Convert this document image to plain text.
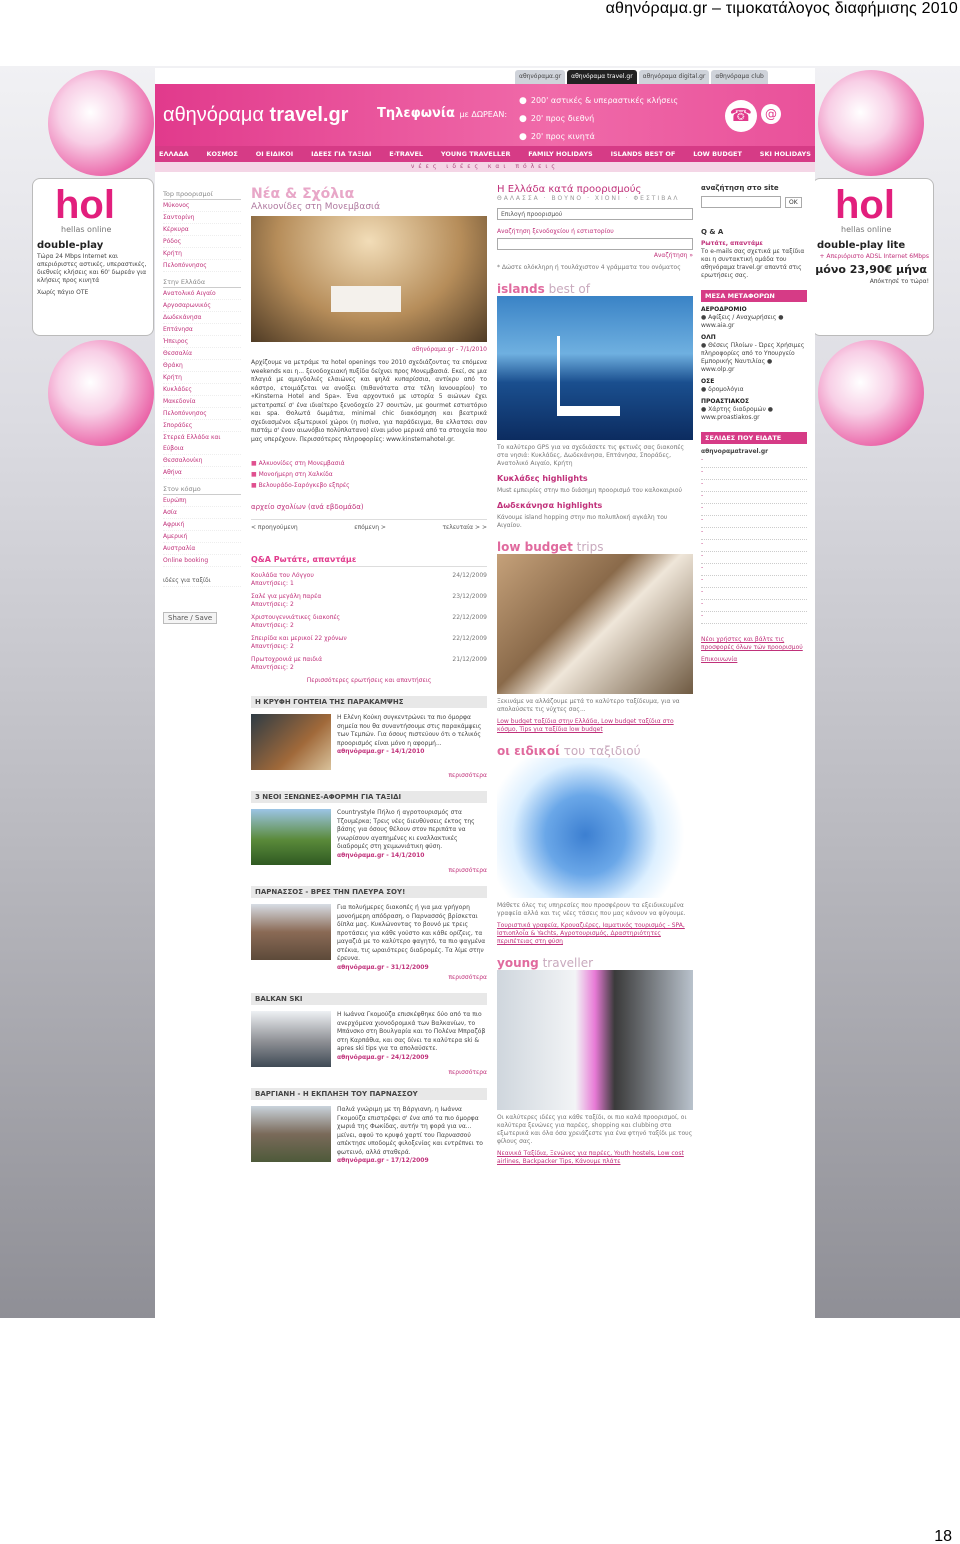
αθηνόραμα.gr – τιμοκατάλογος διαφήμισης 2010
hol
hellas online
double-play
Τώρα 24 Mbps Internet και απεριόριστες αστικές, υπεραστικές, διεθνείς κλήσεις και 60' δωρεάν για κλήσεις προς κινητά
Χωρίς πάγιο ΟΤΕ
hol
hellas online
double-play lite
+ Απεριόριστο ADSL Internet 6Mbps
μόνο 23,90€ μήνα
Απόκτησέ το τώρα!
αθηνόραμα.gr	αθηνόραμα travel.gr	αθηνόραμα digital.gr	αθηνόραμα club
αθηνόραμα travel.gr Τηλεφωνία με ΔΩΡΕΑΝ:
● 200' αστικές & υπεραστικές κλήσεις
● 20' προς διεθνή
● 20' προς κινητά
☎	@
ΕΛΛΑΔΑ	ΚΟΣΜΟΣ	ΟΙ ΕΙΔΙΚΟΙ	ΙΔΕΕΣ ΓΙΑ ΤΑΞΙΔΙ	E-TRAVEL	YOUNG TRAVELLER	FAMILY HOLIDAYS	ISLANDS BEST OF	LOW BUDGET	SKI HOLIDAYS
νέες ιδέες και πόλεις
Top προορισμοί
Μύκονος
Σαντορίνη
Κέρκυρα
Ρόδος
Κρήτη
Πελοπόννησος
Στην Ελλάδα
Ανατολικό Αιγαίο
Αργοσαρωνικός
Δωδεκάνησα
Επτάνησα
Ήπειρος
Θεσσαλία
Θράκη
Κρήτη
Κυκλάδες
Μακεδονία
Πελοπόννησος
Σποράδες
Στερεά Ελλάδα και Εύβοια
Θεσσαλονίκη
Αθήνα
Στον κόσμο
Ευρώπη
Ασία
Αφρική
Αμερική
Αυστραλία
Online booking
ιδέες για ταξίδι
Share / Save
Νέα & Σχόλια
Αλκυονίδες στη Μονεμβασιά
αθηνόραμα.gr - 7/1/2010
Αρχίζουμε να μετράμε τα hotel openings του 2010 σχεδιάζοντας τα επόμενα weekends και η... ξενοδοχειακή πυξίδα δείχνει προς Μονεμβασιά. Εκεί, σε μια πλαγιά με αμυγδαλιές ελαιώνες και ψηλά κυπαρίσσια, αντίκρυ από το κάστρο, ετοιμάζεται να ανοίξει (πιθανότατα στα τέλη Ιανουαρίου) το «Kinsterna Hotel and Spa». Ένα αρχοντικό με ιστορία 5 αιώνων έχει μετατραπεί σ' ένα ιδιαίτερο ξενοδοχείο 27 σουιτών, με gourmet εστιατόριο και spa. Θολωτά δωμάτια, minimal chic διακόσμηση και βεατρικά σχεδιασμένοι εξωτερικοί χώροι (η πισίνα, για παράδειγμα, θα ελλατσει σαν πιστάμ σ' έναν αιωνόβιο πολύπλατανο) είναι μόνο μερικά από τα στοιχεία που μας υπερέχουν. Περισσότερες πληροφορίες: www.kinsternahotel.gr.
■ Αλκυονίδες στη Μονεμβασιά
■ Μονοήμερη στη Χαλκίδα
■ Βελουράδο-Σαρόγκεβο εξπρές
αρχείο σχολίων (ανά εβδομάδα)
< προηγούμενη	επόμενη >	τελευταία > >
Q&A Ρωτάτε, απαντάμε
Κουλάδα του Λόγγου
Απαντήσεις: 1
24/12/2009
Σαλέ για μεγάλη παρέα
Απαντήσεις: 2
23/12/2009
Χριστουγεννιάτικες διακοπές
Απαντήσεις: 2
22/12/2009
Σπειρίδα και μερικοί 22 χρόνων
Απαντήσεις: 2
22/12/2009
Πρωτοχρονιά με παιδιά
Απαντήσεις: 2
21/12/2009
Περισσότερες ερωτήσεις και απαντήσεις
Η ΚΡΥΦΗ ΓΟΗΤΕΙΑ ΤΗΣ ΠΑΡΑΚΑΜΨΗΣ
Η Ελένη Κούκη συγκεντρώνει τα πιο όμορφα σημεία που θα συναντήσουμε στις παρακάμψεις των Τεμπών. Για όσους πιστεύουν ότι ο τελικός προορισμός είναι μόνο η αφορμή...
αθηνόραμα.gr - 14/1/2010
περισσότερα
3 ΝΕΟΙ ΞΕΝΩΝΕΣ-ΑΦΟΡΜΗ ΓΙΑ ΤΑΞΙΔΙ
Countrystyle Πήλιο ή αγροτουρισμός στα Τζουμέρκα; Τρεις νέες διευθύνσεις έκτος της βάσης για όσους θέλουν στον περιπάτα να γνωρίσουν αγαπημένες κι εναλλακτικές διαδρομές στη χειμωνιάτικη φύση.
αθηνόραμα.gr - 14/1/2010
περισσότερα
ΠΑΡΝΑΣΣΟΣ - ΒΡΕΣ ΤΗΝ ΠΛΕΥΡΑ ΣΟΥ!
Για πολυήμερες διακοπές ή για μια γρήγορη μονοήμερη απόδραση, ο Παρνασσός βρίσκεται δίπλα μας. Κυκλώνοντας το βουνό με τρεις προτάσεις για κάθε γούστο και κάθε ορίζεις, τα μαγαζιά με το καλύτερο φαγητό, τα πιο ψαγμένα στέκια, τις ωραιότερες διαδρομές. Τα λίμε στην έρευνα.
αθηνόραμα.gr - 31/12/2009
περισσότερα
BALKAN SKI
Η Ιωάννα Γκομούζα επισκέφθηκε δύο από τα πιο ανερχόμενα χιονοδρομικά των Βαλκανίων, το Μπάνσκο στη Βουλγαρία και το Πολένα Μπραζόβ στη Καρπάθια, και σας δίνει τα καλύτερα ski & apres ski tips για τα απολαύσετε.
αθηνόραμα.gr - 24/12/2009
περισσότερα
ΒΑΡΓΙΑΝΗ - Η ΕΚΠΛΗΞΗ ΤΟΥ ΠΑΡΝΑΣΣΟΥ
Παλιά γνώριμη με τη Βάργιανη, η Ιωάννα Γκομούζα επιστρέφει σ' ένα από τα πιο όμορφα χωριά της Φωκίδας, αυτήν τη φορά για να... μείνει, αφού το κρυφό χαρτί του Παρνασσού απέκτησε υποδομές φιλοξενίας και εντρέπνει το φωτεινό, αλλά σταθερά.
αθηνόραμα.gr - 17/12/2009
Η Ελλάδα κατά προορισμούς
ΘΑΛΑΣΣΑ · ΒΟΥΝΟ · ΧΙΟΝΙ · ΦΕΣΤΙΒΑΛ
Επιλογή προορισμού
Αναζήτηση ξενοδοχείου ή εστιατορίου
Αναζήτηση »
* Δώστε ολόκληρη ή τουλάχιστον 4 γράμματα του ονόματος
islands best of
Το καλύτερο GPS για να σχεδιάσετε τις φετινές σας διακοπές στα νησιά: Κυκλάδες, Δωδεκάνησα, Επτάνησα, Σποράδες, Ανατολικό Αιγαίο, Κρήτη
Κυκλάδες highlights
Must εμπειρίες στην πιο διάσημη προορισμό του καλοκαιριού
Δωδεκάνησα highlights
Κάνουμε island hopping στην πιο πολυπλοκή αγκάλη του Αιγαίου.
low budget trips
Ξεκινάμε να αλλάζουμε μετά το καλύτερο ταξίδευμα, για να απολαύσετε τις νύχτες σας...
Low budget ταξίδια στην Ελλάδα, Low budget ταξίδια στο κόσμο, Tips για ταξίδια low budget
οι ειδικοί του ταξιδιού
Μάθετε όλες τις υπηρεσίες που προσφέρουν τα εξειδικευμένα γραφεία αλλά και τις νέες τάσεις που μας κάνουν να φύγουμε.
Τουριστικά γραφεία, Κρουαζιέρες, Ιαματικός τουρισμός - SPA, Ιστιοπλοΐα & Yachts, Αγροτουρισμός, Δραστηριότητες περιπέτειας στη φύση
young traveller
Οι καλύτερες ιδέες για κάθε ταξίδι, οι πιο καλά προορισμοί, οι καλύτερα ξενώνες για παρέες, shopping και clubbing στα εξωτερικά και όλα όσα χρειάζεστε για ένα φτηνό ταξίδι με τους φίλους σας.
Νεανικά Ταξίδια, Ξενώνες για παρέες, Youth hostels, Low cost airlines, Backpacker Tips, Κάνουμε πλάτε
αναζήτηση στο site
OK
Q & A
Ρωτάτε, απαντάμε
Το e-mails σας σχετικά με ταξίδια και η συντακτική ομάδα του αθηνόραμα travel.gr απαντά στις ερωτήσεις σας.
ΜΕΣΑ ΜΕΤΑΦΟΡΩΝ
ΑΕΡΟΔΡΟΜΙΟ
● Αφίξεις / Αναχωρήσεις ● www.aia.gr
ΟΛΠ
● Θέσεις Πλοίων - Ώρες Χρήσιμες πληροφορίες από το Υπουργείο Εμπορικής Ναυτιλίας ● www.olp.gr
ΟΣΕ
● δρομολόγια
ΠΡΟΑΣΤΙΑΚΟΣ
● Χάρτης διαδρομών ● www.proastiakos.gr
ΣΕΛΙΔΕΣ ΠΟΥ ΕΙΔΑΤΕ
αθηνοραμαtravel.gr
-
-
-
-
-
-
-
-
-
-
-
-
-
-
Νέοι χρήστες και βάλτε τις προσφορές όλων τών προορισμού
Επικοινωνία
18
